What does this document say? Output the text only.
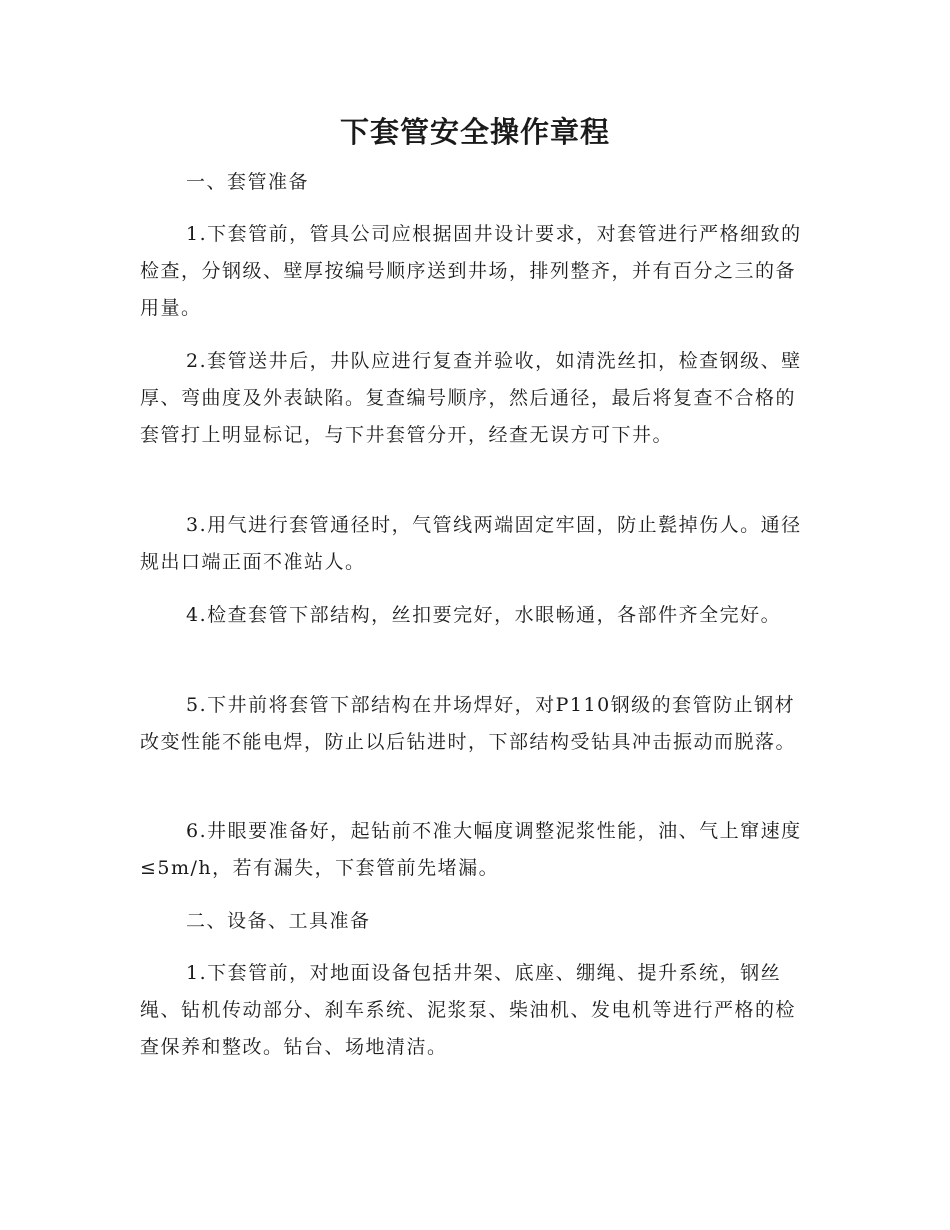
下套管安全操作章程

一、套管准备

1.下套管前，管具公司应根据固井设计要求，对套管进行严格细致的检查，分钢级、壁厚按编号顺序送到井场，排列整齐，并有百分之三的备用量。

2.套管送井后，井队应进行复查并验收，如清洗丝扣，检查钢级、壁厚、弯曲度及外表缺陷。复查编号顺序，然后通径，最后将复查不合格的套管打上明显标记，与下井套管分开，经查无误方可下井。

3.用气进行套管通径时，气管线两端固定牢固，防止甏掉伤人。通径规出口端正面不准站人。

4.检查套管下部结构，丝扣要完好，水眼畅通，各部件齐全完好。

5.下井前将套管下部结构在井场焊好，对P110钢级的套管防止钢材改变性能不能电焊，防止以后钻进时，下部结构受钻具冲击振动而脱落。

6.井眼要准备好，起钻前不准大幅度调整泥浆性能，油、气上窜速度≤5m/h，若有漏失，下套管前先堵漏。

二、设备、工具准备

1.下套管前，对地面设备包括井架、底座、绷绳、提升系统，钢丝绳、钻机传动部分、刹车系统、泥浆泵、柴油机、发电机等进行严格的检查保养和整改。钻台、场地清洁。
